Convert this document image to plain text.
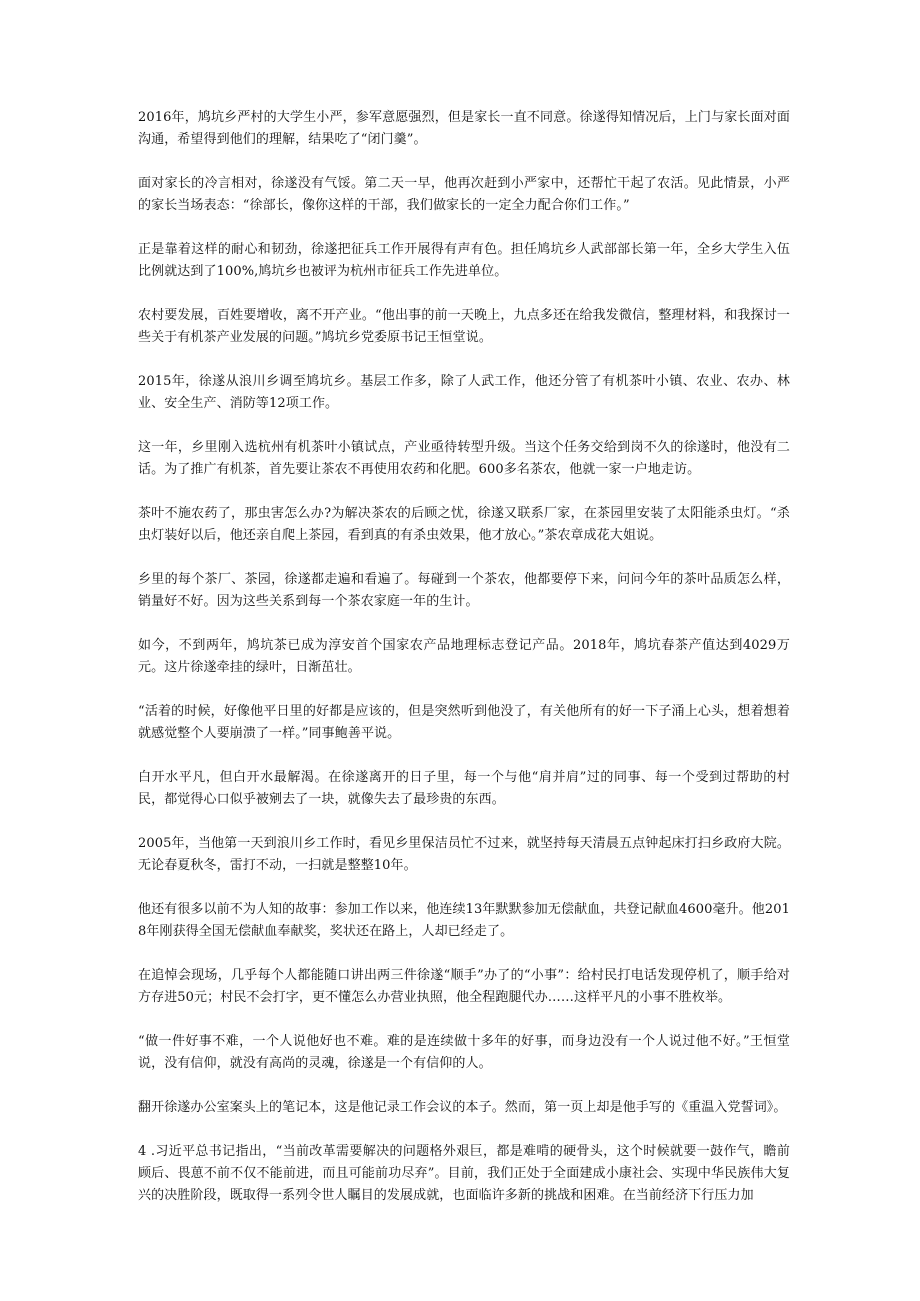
2016年，鸠坑乡严村的大学生小严，参军意愿强烈，但是家长一直不同意。徐遂得知情况后，上门与家长面对面沟通，希望得到他们的理解，结果吃了“闭门羹”。

面对家长的冷言相对，徐遂没有气馁。第二天一早，他再次赶到小严家中，还帮忙干起了农活。见此情景，小严的家长当场表态：“徐部长，像你这样的干部，我们做家长的一定全力配合你们工作。”

正是靠着这样的耐心和韧劲，徐遂把征兵工作开展得有声有色。担任鸠坑乡人武部部长第一年，全乡大学生入伍比例就达到了100%,鸠坑乡也被评为杭州市征兵工作先进单位。

农村要发展，百姓要增收，离不开产业。“他出事的前一天晚上，九点多还在给我发微信，整理材料，和我探讨一些关于有机茶产业发展的问题。”鸠坑乡党委原书记王恒堂说。

2015年，徐遂从浪川乡调至鸠坑乡。基层工作多，除了人武工作，他还分管了有机茶叶小镇、农业、农办、林业、安全生产、消防等12项工作。

这一年，乡里刚入选杭州有机茶叶小镇试点，产业亟待转型升级。当这个任务交给到岗不久的徐遂时，他没有二话。为了推广有机茶，首先要让茶农不再使用农药和化肥。600多名茶农，他就一家一户地走访。

茶叶不施农药了，那虫害怎么办?为解决茶农的后顾之忧，徐遂又联系厂家，在茶园里安装了太阳能杀虫灯。“杀虫灯装好以后，他还亲自爬上茶园，看到真的有杀虫效果，他才放心。”茶农章成花大姐说。

乡里的每个茶厂、茶园，徐遂都走遍和看遍了。每碰到一个茶农，他都要停下来，问问今年的茶叶品质怎么样，销量好不好。因为这些关系到每一个茶农家庭一年的生计。

如今，不到两年，鸠坑茶已成为淳安首个国家农产品地理标志登记产品。2018年，鸠坑春茶产值达到4029万元。这片徐遂牵挂的绿叶，日渐茁壮。

“活着的时候，好像他平日里的好都是应该的，但是突然听到他没了，有关他所有的好一下子涌上心头，想着想着就感觉整个人要崩溃了一样。”同事鲍善平说。

白开水平凡，但白开水最解渴。在徐遂离开的日子里，每一个与他“肩并肩”过的同事、每一个受到过帮助的村民，都觉得心口似乎被剜去了一块，就像失去了最珍贵的东西。

2005年，当他第一天到浪川乡工作时，看见乡里保洁员忙不过来，就坚持每天清晨五点钟起床打扫乡政府大院。无论春夏秋冬，雷打不动，一扫就是整整10年。

他还有很多以前不为人知的故事：参加工作以来，他连续13年默默参加无偿献血，共登记献血4600毫升。他2018年刚获得全国无偿献血奉献奖，奖状还在路上，人却已经走了。

在追悼会现场，几乎每个人都能随口讲出两三件徐遂“顺手”办了的“小事”：给村民打电话发现停机了，顺手给对方存进50元；村民不会打字，更不懂怎么办营业执照，他全程跑腿代办……这样平凡的小事不胜枚举。

“做一件好事不难，一个人说他好也不难。难的是连续做十多年的好事，而身边没有一个人说过他不好。”王恒堂说，没有信仰，就没有高尚的灵魂，徐遂是一个有信仰的人。

翻开徐遂办公室案头上的笔记本，这是他记录工作会议的本子。然而，第一页上却是他手写的《重温入党誓词》。

4 .习近平总书记指出，“当前改革需要解决的问题格外艰巨，都是难啃的硬骨头，这个时候就要一鼓作气，瞻前顾后、畏葸不前不仅不能前进，而且可能前功尽弃”。目前，我们正处于全面建成小康社会、实现中华民族伟大复兴的决胜阶段，既取得一系列令世人瞩目的发展成就，也面临许多新的挑战和困难。在当前经济下行压力加
